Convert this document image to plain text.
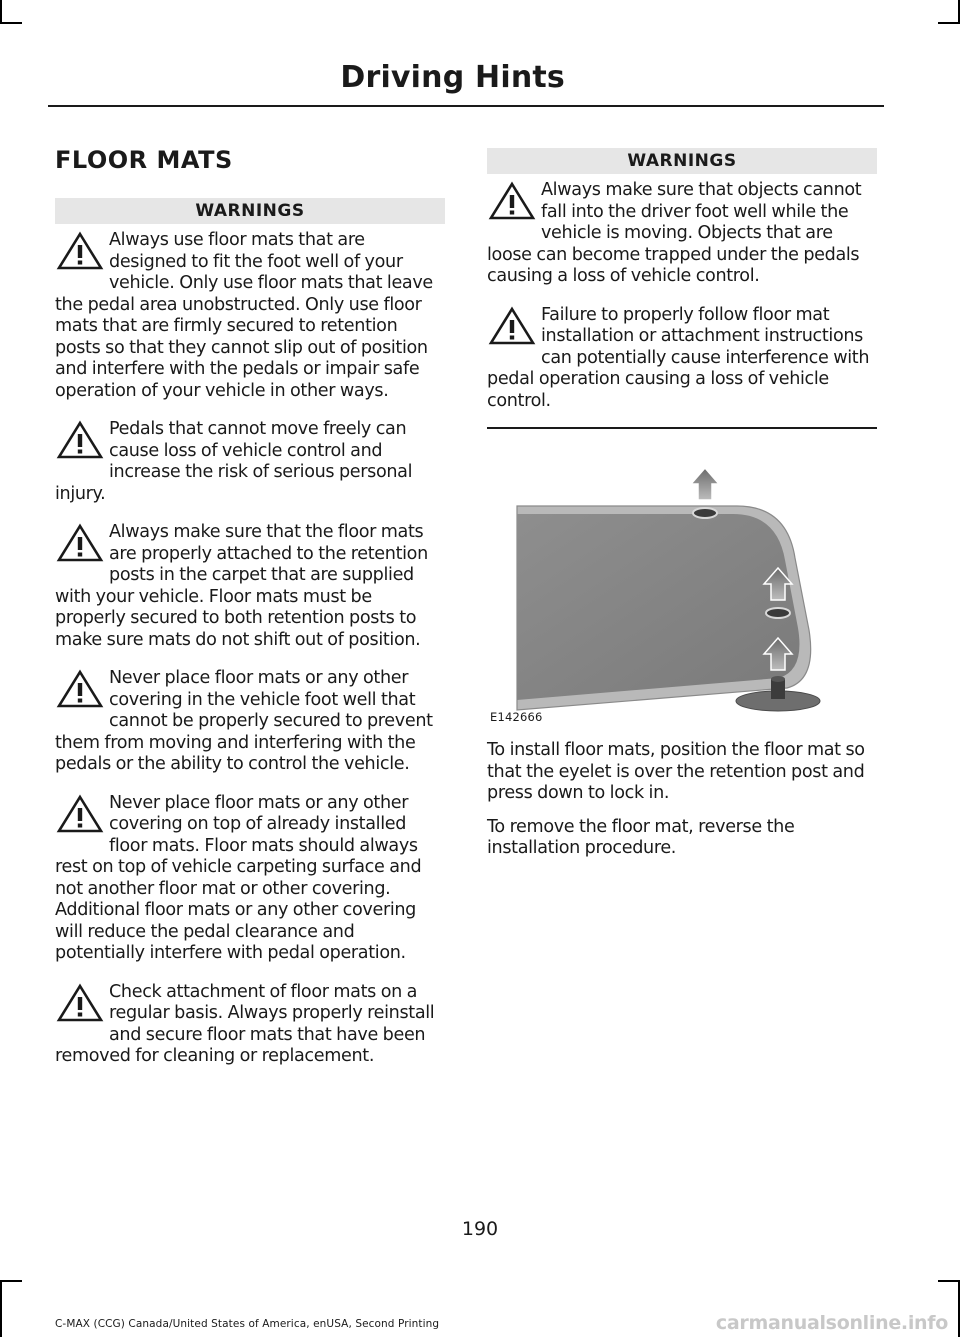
Driving Hints
FLOOR MATS
WARNINGS
Always use floor mats that are designed to fit the foot well of your vehicle. Only use floor mats that leave the pedal area unobstructed. Only use floor mats that are firmly secured to retention posts so that they cannot slip out of position and interfere with the pedals or impair safe operation of your vehicle in other ways.
Pedals that cannot move freely can cause loss of vehicle control and increase the risk of serious personal injury.
Always make sure that the floor mats are properly attached to the retention posts in the carpet that are supplied with your vehicle. Floor mats must be properly secured to both retention posts to make sure mats do not shift out of position.
Never place floor mats or any other covering in the vehicle foot well that cannot be properly secured to prevent them from moving and interfering with the pedals or the ability to control the vehicle.
Never place floor mats or any other covering on top of already installed floor mats. Floor mats should always rest on top of vehicle carpeting surface and not another floor mat or other covering. Additional floor mats or any other covering will reduce the pedal clearance and potentially interfere with pedal operation.
Check attachment of floor mats on a regular basis. Always properly reinstall and secure floor mats that have been removed for cleaning or replacement.
WARNINGS
Always make sure that objects cannot fall into the driver foot well while the vehicle is moving. Objects that are loose can become trapped under the pedals causing a loss of vehicle control.
Failure to properly follow floor mat installation or attachment instructions can potentially cause interference with pedal operation causing a loss of vehicle control.
E142666

To install floor mats, position the floor mat so that the eyelet is over the retention post and press down to lock in.

To remove the floor mat, reverse the installation procedure.

190
C-MAX (CCG) Canada/United States of America, enUSA, Second Printing	carmanualsonline.info
